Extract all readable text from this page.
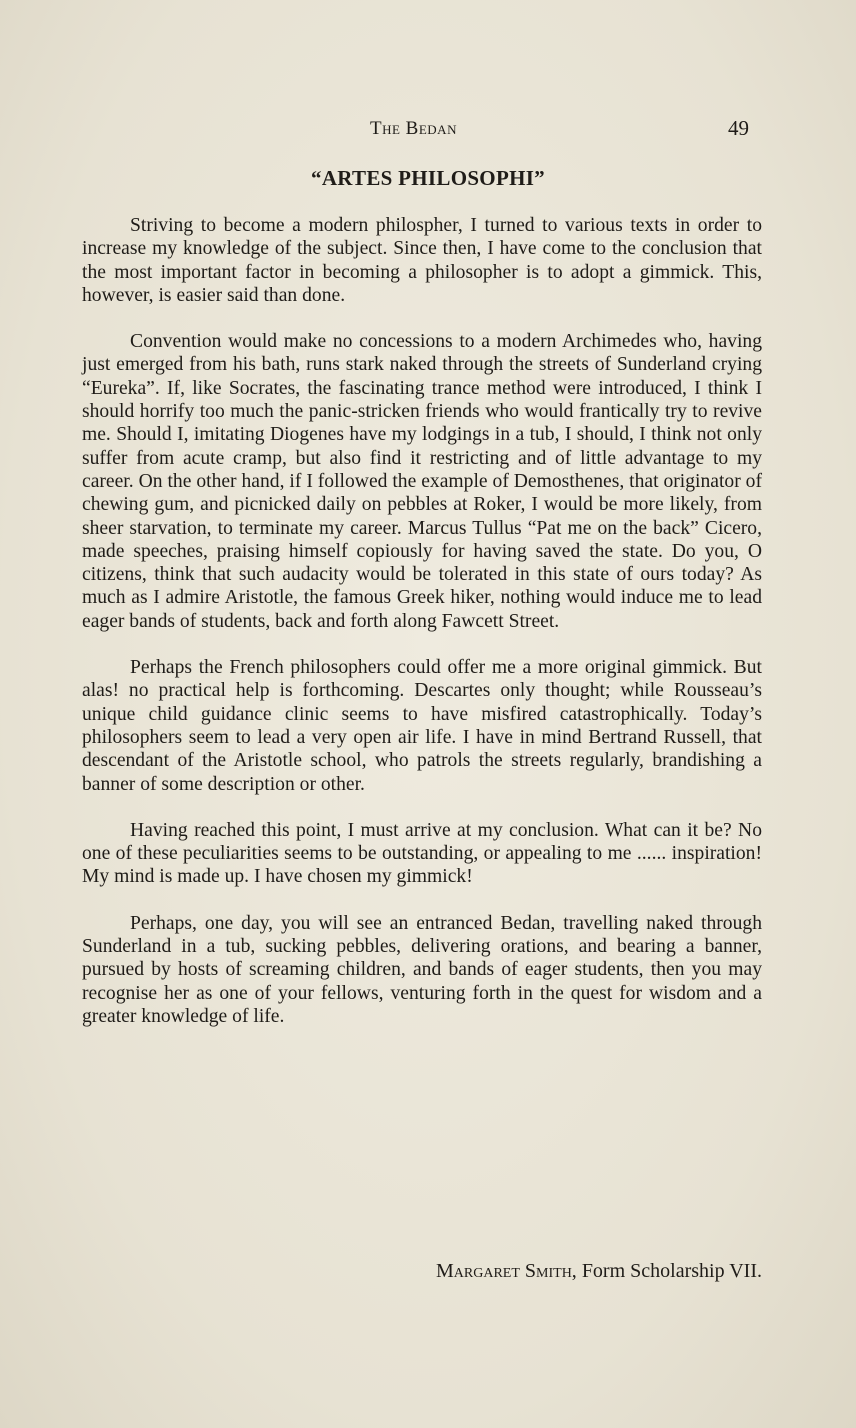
The Bedan	49
“ARTES PHILOSOPHI”

Striving to become a modern philospher, I turned to various texts in order to increase my knowledge of the subject. Since then, I have come to the conclusion that the most important factor in becoming a philosopher is to adopt a gimmick. This, however, is easier said than done.

Convention would make no concessions to a modern Archimedes who, having just emerged from his bath, runs stark naked through the streets of Sunderland crying “Eureka”. If, like Socrates, the fascinating trance method were introduced, I think I should horrify too much the panic-stricken friends who would frantically try to revive me. Should I, imitating Diogenes have my lodgings in a tub, I should, I think not only suffer from acute cramp, but also find it restricting and of little advantage to my career. On the other hand, if I followed the example of Demosthenes, that originator of chewing gum, and picnicked daily on pebbles at Roker, I would be more likely, from sheer starvation, to terminate my career. Marcus Tullus “Pat me on the back” Cicero, made speeches, praising himself copiously for having saved the state. Do you, O citizens, think that such audacity would be tolerated in this state of ours today? As much as I admire Aristotle, the famous Greek hiker, nothing would induce me to lead eager bands of students, back and forth along Fawcett Street.

Perhaps the French philosophers could offer me a more original gimmick. But alas! no practical help is forthcoming. Descartes only thought; while Rousseau’s unique child guidance clinic seems to have misfired catastrophically. Today’s philosophers seem to lead a very open air life. I have in mind Bertrand Russell, that descendant of the Aristotle school, who patrols the streets regularly, brandishing a banner of some description or other.

Having reached this point, I must arrive at my conclusion. What can it be? No one of these peculiarities seems to be outstanding, or appealing to me ...... inspiration! My mind is made up. I have chosen my gimmick!

Perhaps, one day, you will see an entranced Bedan, travelling naked through Sunderland in a tub, sucking pebbles, delivering orations, and bearing a banner, pursued by hosts of screaming children, and bands of eager students, then you may recognise her as one of your fellows, venturing forth in the quest for wisdom and a greater knowledge of life.

Margaret Smith, Form Scholarship VII.
